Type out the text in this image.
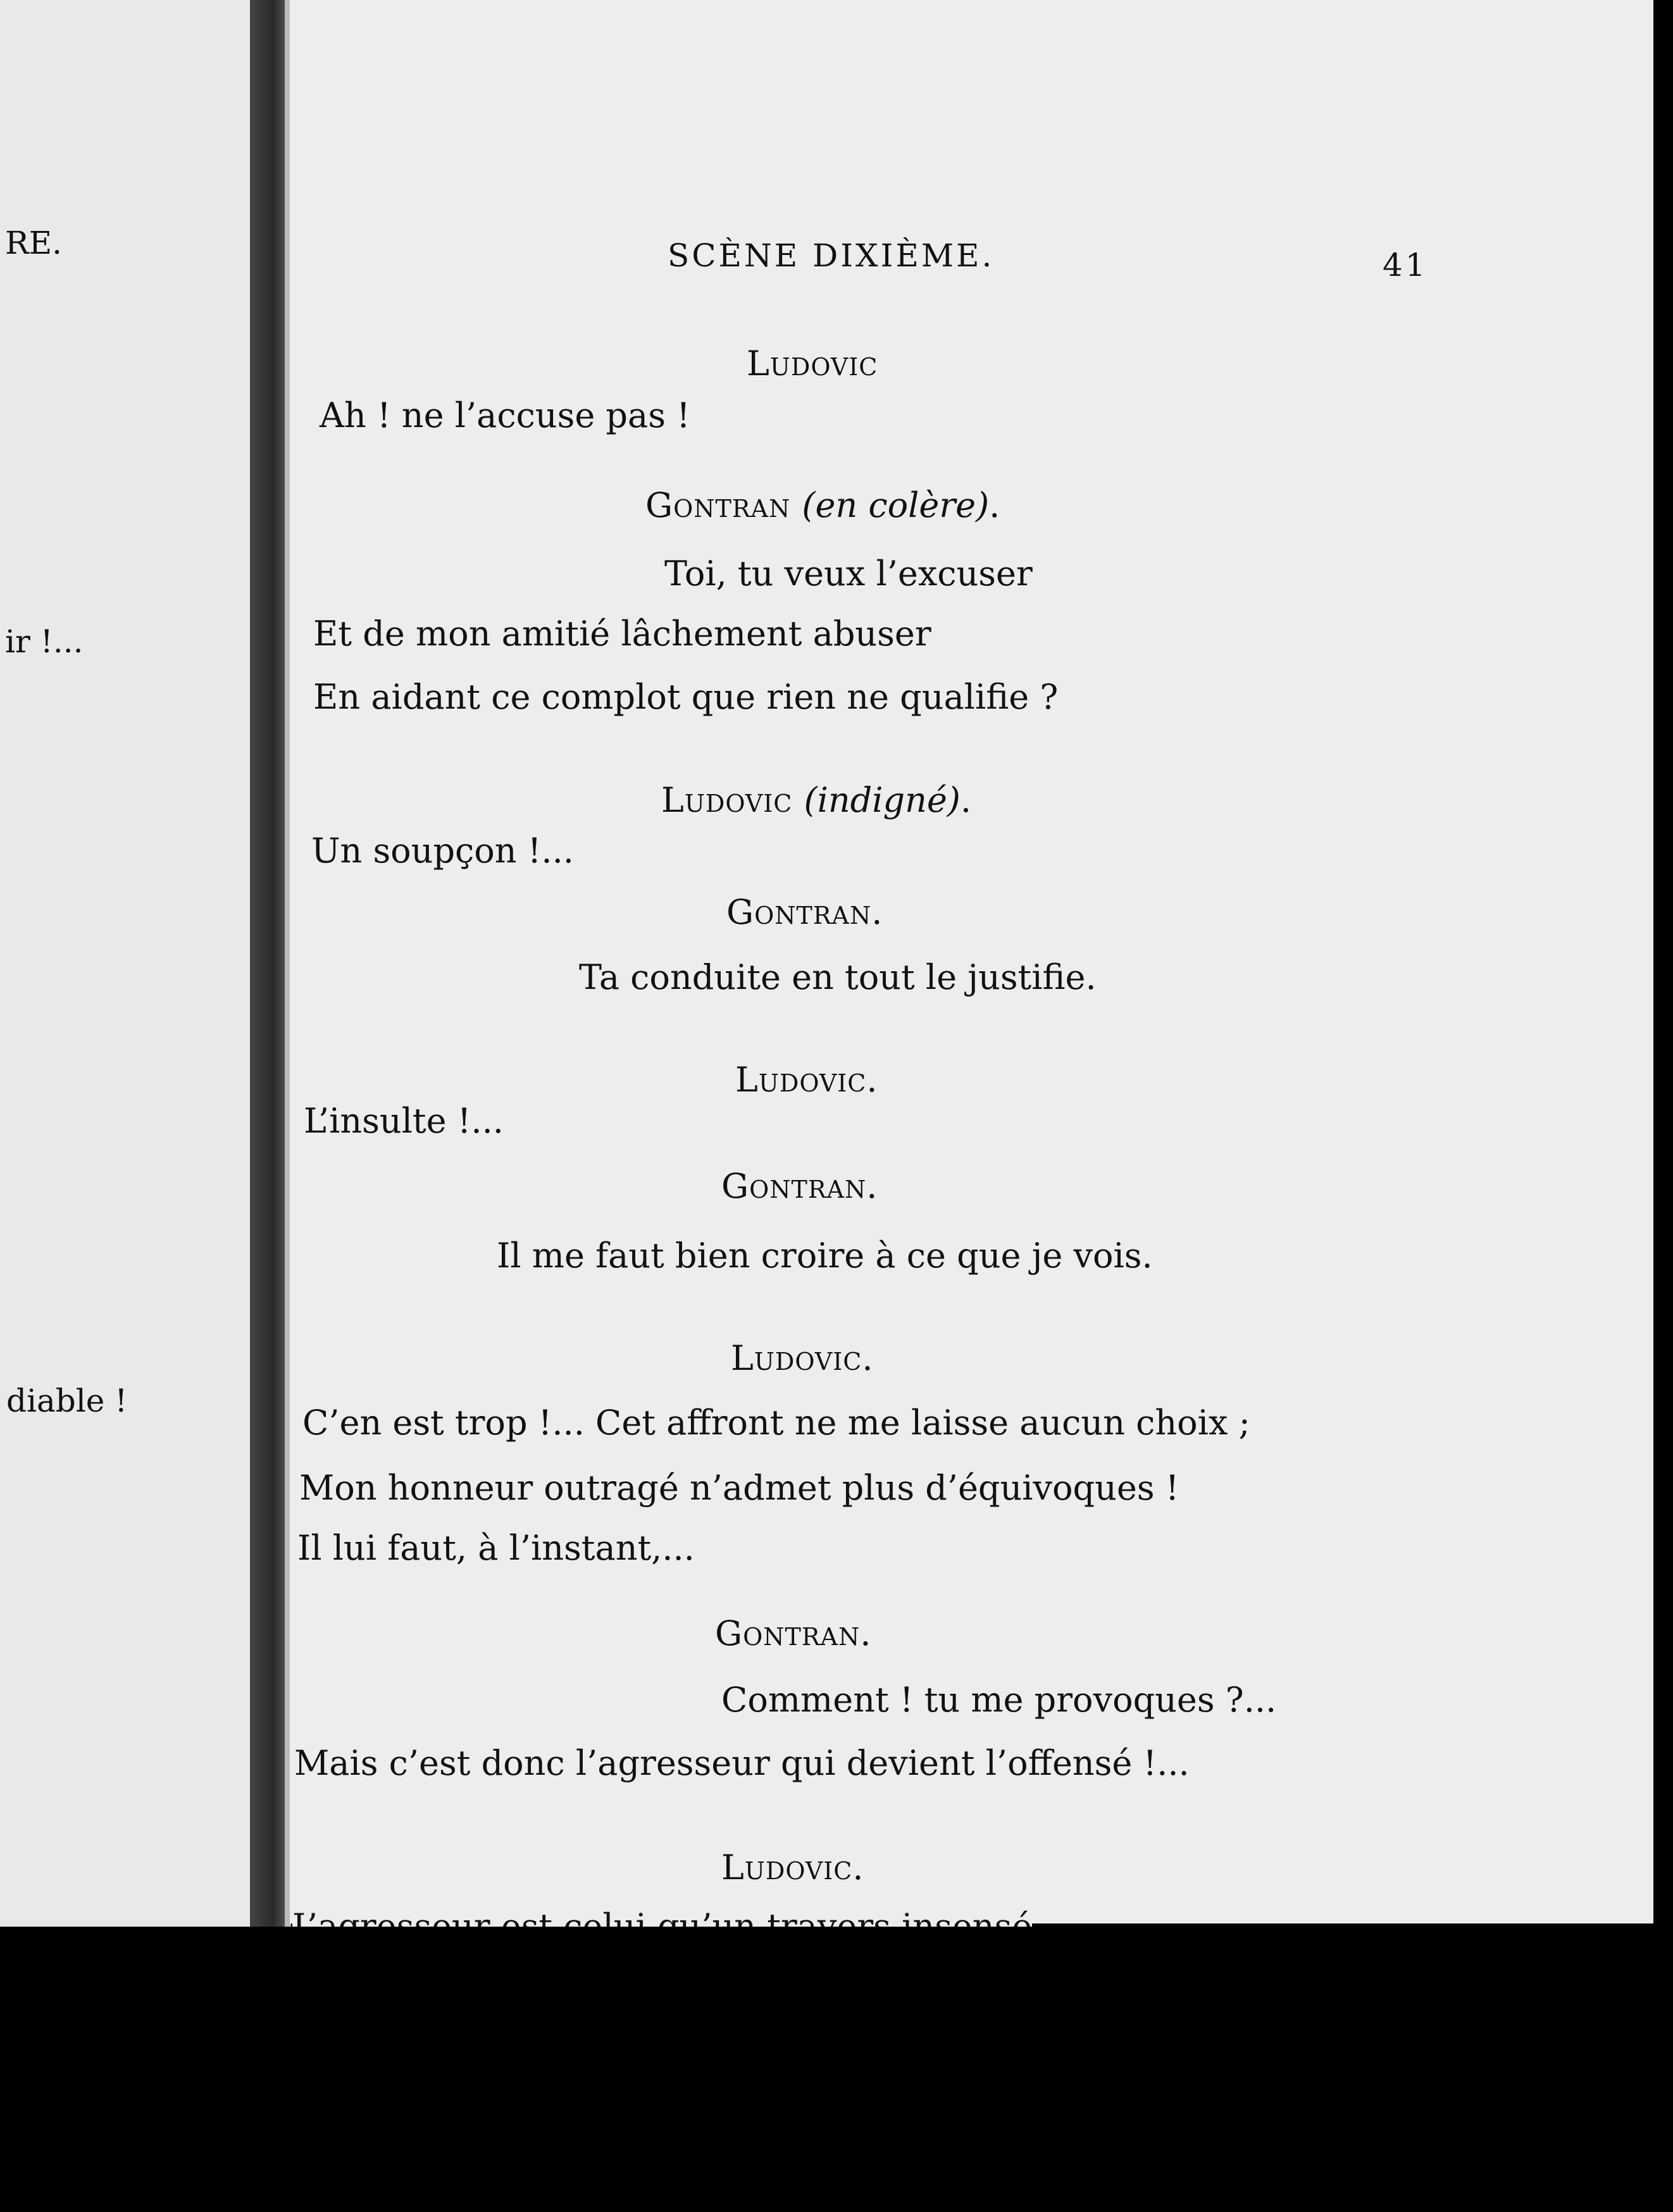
RE.
ir !...
diable !
SCÈNE DIXIÈME.	41
Ludovic
Ah ! ne l’accuse pas !
Gontran (en colère).
Toi, tu veux l’excuser
Et de mon amitié lâchement abuser
En aidant ce complot que rien ne qualifie ?
Ludovic (indigné).
Un soupçon !...
Gontran.
Ta conduite en tout le justifie.
Ludovic.
L’insulte !...
Gontran.
Il me faut bien croire à ce que je vois.
Ludovic.
C’en est trop !... Cet affront ne me laisse aucun choix ;
Mon honneur outragé n’admet plus d’équivoques !
Il lui faut, à l’instant,...
Gontran.
Comment ! tu me provoques ?...
Mais c’est donc l’agresseur qui devient l’offensé !...
Ludovic.
